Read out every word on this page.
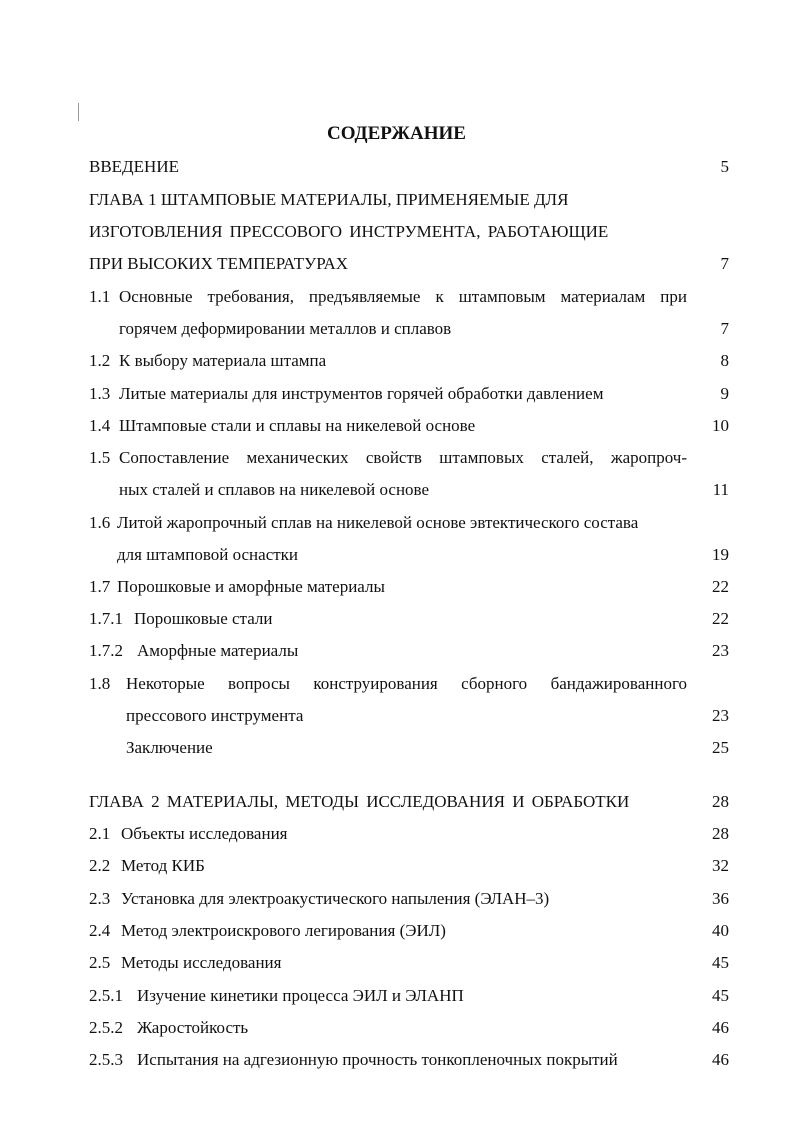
СОДЕРЖАНИЕ
ВВЕДЕНИЕ	5
ГЛАВА 1 ШТАМПОВЫЕ МАТЕРИАЛЫ, ПРИМЕНЯЕМЫЕ ДЛЯ
ИЗГОТОВЛЕНИЯ ПРЕССОВОГО ИНСТРУМЕНТА, РАБОТАЮЩИЕ
ПРИ ВЫСОКИХ ТЕМПЕРАТУРАХ	7
1.1 Основные требования, предъявляемые к штамповым материалам при
горячем деформировании металлов и сплавов	7
1.2 К выбору материала штампа	8
1.3 Литые материалы для инструментов горячей обработки давлением	9
1.4 Штамповые стали и сплавы на никелевой основе	10
1.5 Сопоставление механических свойств штамповых сталей, жаропроч-
ных сталей и сплавов на никелевой основе	11
1.6 Литой жаропрочный сплав на никелевой основе эвтектического состава
для штамповой оснастки	19
1.7 Порошковые и аморфные материалы	22
1.7.1 Порошковые стали	22
1.7.2 Аморфные материалы	23
1.8 Некоторые вопросы конструирования сборного бандажированного
прессового инструмента	23
Заключение	25
ГЛАВА 2 МАТЕРИАЛЫ, МЕТОДЫ ИССЛЕДОВАНИЯ И ОБРАБОТКИ	28
2.1 Объекты исследования	28
2.2 Метод КИБ	32
2.3 Установка для электроакустического напыления (ЭЛАН–3)	36
2.4 Метод электроискрового легирования (ЭИЛ)	40
2.5 Методы исследования	45
2.5.1 Изучение кинетики процесса ЭИЛ и ЭЛАНП	45
2.5.2 Жаростойкость	46
2.5.3 Испытания на адгезионную прочность тонкопленочных покрытий	46
